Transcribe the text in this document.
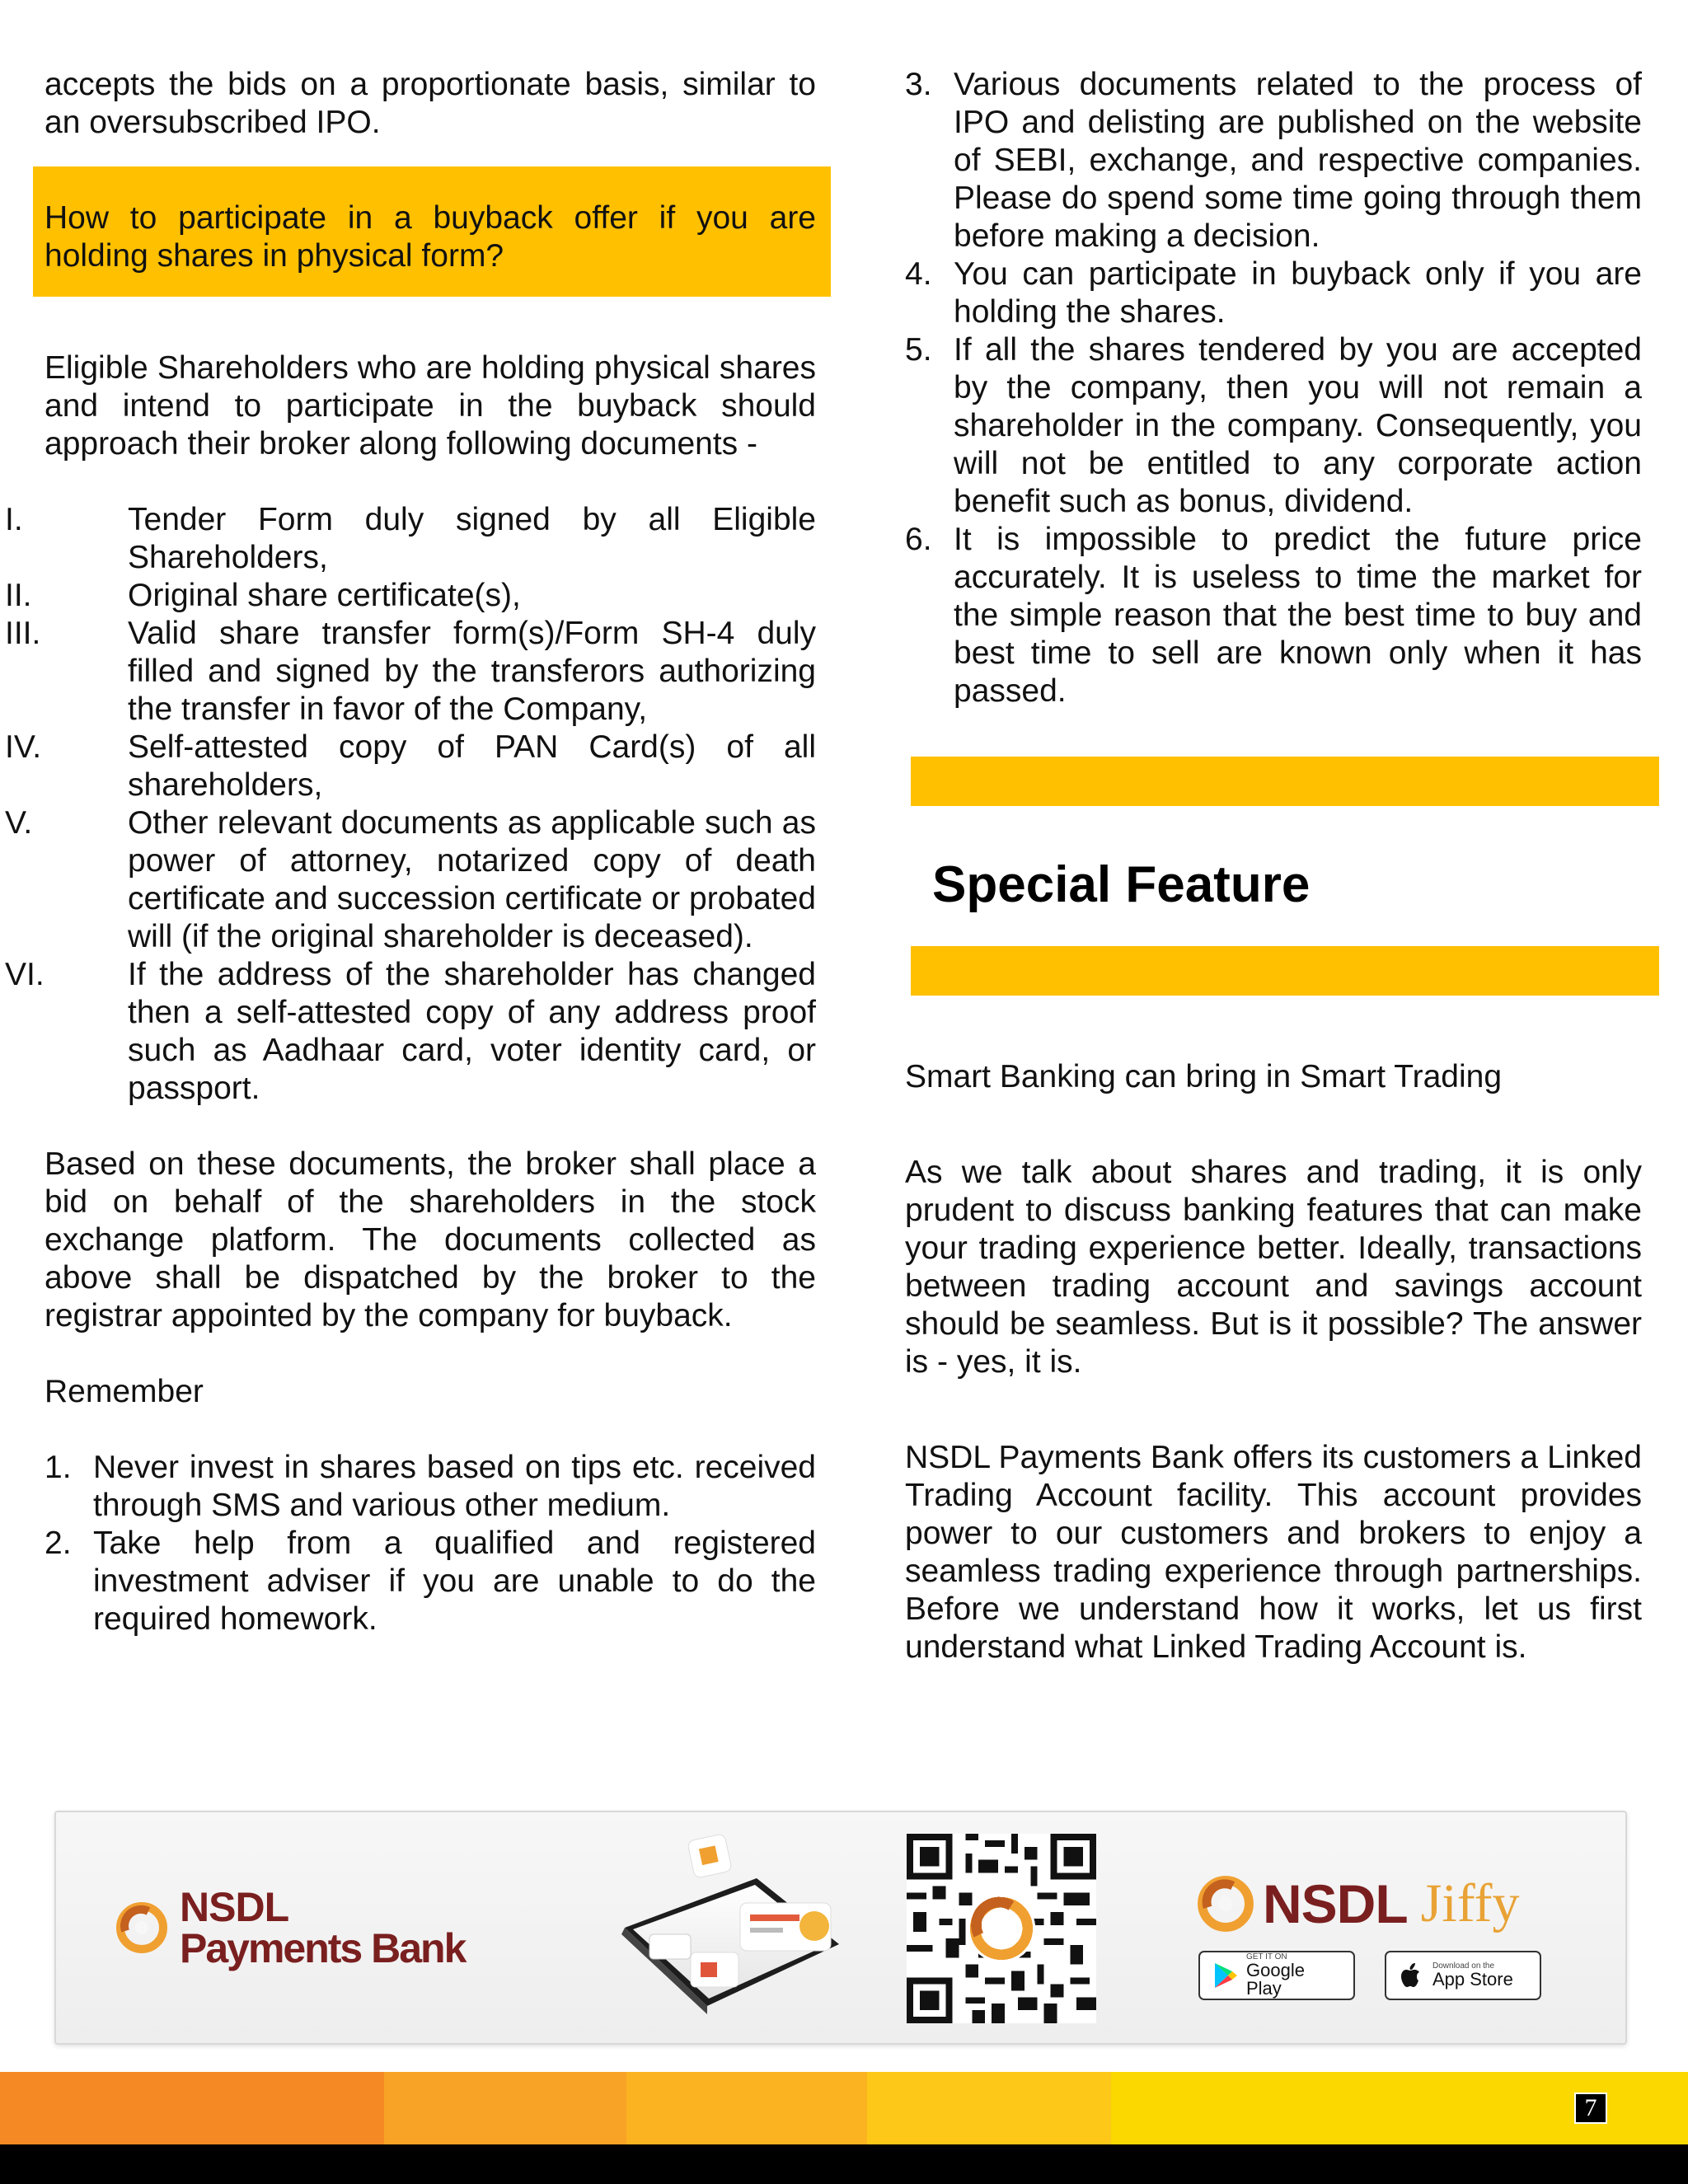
accepts the bids on a proportionate basis, similar to an oversubscribed IPO.

How to participate in a buyback offer if you are holding shares in physical form?

Eligible Shareholders who are holding physical shares and intend to participate in the buyback should approach their broker along following documents -

I.	Tender Form duly signed by all Eligible Shareholders,
II.	Original share certificate(s),
III.	Valid share transfer form(s)/Form SH-4 duly filled and signed by the transferors authorizing the transfer in favor of the Company,
IV.	Self-attested copy of PAN Card(s) of all shareholders,
V.	Other relevant documents as applicable such as power of attorney, notarized copy of death certificate and succession certificate or probated will (if the original shareholder is deceased).
VI.	If the address of the shareholder has changed then a self-attested copy of any address proof such as Aadhaar card, voter identity card, or passport.

Based on these documents, the broker shall place a bid on behalf of the shareholders in the stock exchange platform. The documents collected as above shall be dispatched by the broker to the registrar appointed by the company for buyback.

Remember

1. Never invest in shares based on tips etc. received through SMS and various other medium.
2. Take help from a qualified and registered investment adviser if you are unable to do the required homework.
3. Various documents related to the process of IPO and delisting are published on the website of SEBI, exchange, and respective companies. Please do spend some time going through them before making a decision.
4. You can participate in buyback only if you are holding the shares.
5. If all the shares tendered by you are accepted by the company, then you will not remain a shareholder in the company. Consequently, you will not be entitled to any corporate action benefit such as bonus, dividend.
6. It is impossible to predict the future price accurately. It is useless to time the market for the simple reason that the best time to buy and best time to sell are known only when it has passed.
Special Feature

Smart Banking can bring in Smart Trading

As we talk about shares and trading, it is only prudent to discuss banking features that can make your trading experience better. Ideally, transactions between trading account and savings account should be seamless. But is it possible? The answer is - yes, it is.

NSDL Payments Bank offers its customers a Linked Trading Account facility. This account provides power to our customers and brokers to enjoy a seamless trading experience through partnerships. Before we understand how it works, let us first understand what Linked Trading Account is.

NSDL
Payments Bank
NSDL Jiffy
GET IT ON
Google Play
Download on the
App Store
7
